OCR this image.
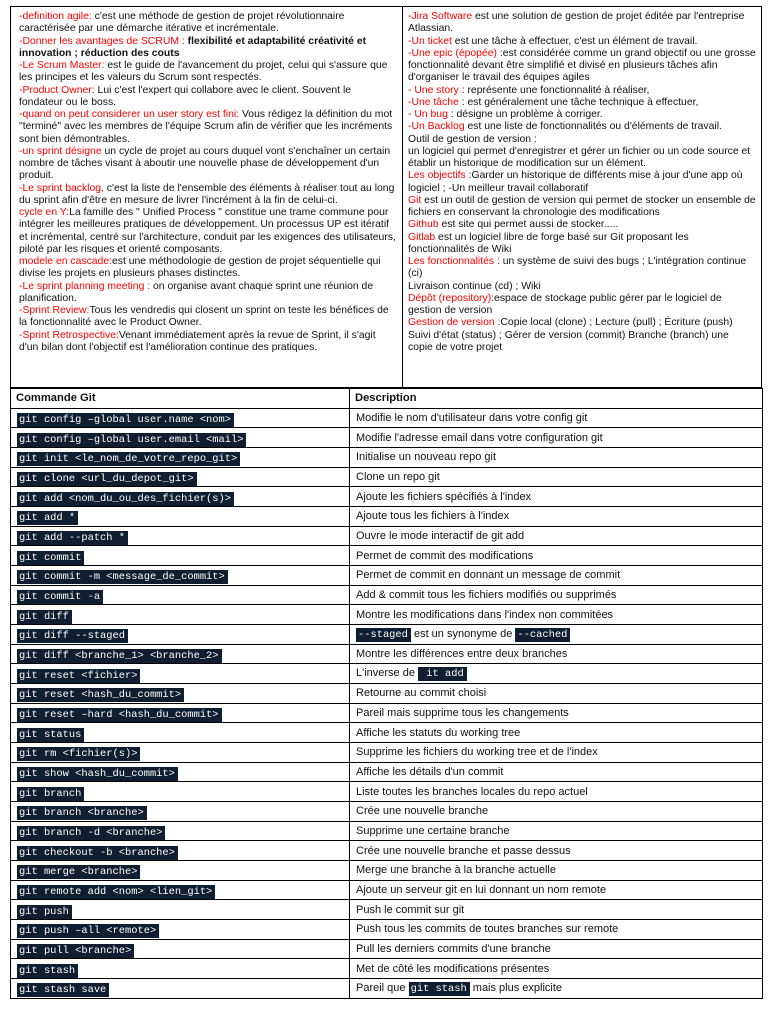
-definition agile: c'est une méthode de gestion de projet révolutionnaire caractérisée par une démarche itérative et incrémentale.

-Donner les avantages de SCRUM : flexibilité et adaptabilité créativité et innovation ; réduction des couts

-Le Scrum Master: est le guide de l'avancement du projet, celui qui s'assure que les principes et les valeurs du Scrum sont respectés.

-Product Owner: Lui c'est l'expert qui collabore avec le client. Souvent le fondateur ou le boss.

-quand on peut considerer un user story est fini: Vous rédigez la définition du mot "terminé" avec les membres de l'équipe Scrum afin de vérifier que les incréments sont bien démontrables.

-un sprint désigne un cycle de projet au cours duquel vont s'enchaîner un certain nombre de tâches visant à aboutir une nouvelle phase de développement d'un produit.

-Le sprint backlog, c'est la liste de l'ensemble des éléments à réaliser tout au long du sprint afin d'être en mesure de livrer l'incrément à la fin de celui-ci.

cycle en Y:La famille des " Unified Process " constitue une trame commune pour intégrer les meilleures pratiques de développement. Un processus UP est itératif et incrémental, centré sur l'architecture, conduit par les exigences des utilisateurs, piloté par les risques et orienté composants.

modele en cascade:est une méthodologie de gestion de projet séquentielle qui divise les projets en plusieurs phases distinctes.

-Le sprint planning meeting : on organise avant chaque sprint une réunion de planification.

-Sprint Review:Tous les vendredis qui closent un sprint on teste les bénéfices de la fonctionnalité avec le Product Owner.

-Sprint Retrospective:Venant immédiatement après la revue de Sprint, il s'agit d'un bilan dont l'objectif est l'amélioration continue des pratiques.

-Jira Software est une solution de gestion de projet éditée par l'entreprise Atlassian.

-Un ticket est une tâche à effectuer, c'est un élément de travail.

-Une epic (épopée) :est considérée comme un grand objectif ou une grosse fonctionnalité devant être simplifié et divisé en plusieurs tâches afin d'organiser le travail des équipes agiles

- Une story : représente une fonctionnalité à réaliser,

-Une tâche : est généralement une tâche technique à effectuer,

- Un bug : désigne un problème à corriger.

-Un Backlog est une liste de fonctionnalités ou d'éléments de travail.

Outil de gestion de version :

un logiciel qui permet d'enregistrer et gérer un fichier ou un code source et établir un historique de modification sur un élément.

Les objectifs :Garder un historique de différents mise à jour d'une app où logiciel ; -Un meilleur travail collaboratif

Git est un outil de gestion de version qui permet de stocker un ensemble de fichiers en conservant la chronologie des modifications

Github est site qui permet aussi de stocker.....

Gitlab est un logiciel libre de forge basé sur Git proposant les fonctionnalités de Wiki

Les fonctionnalités : un système de suivi des bugs ; L'intégration continue (ci)

Livraison continue (cd) ; Wiki

Dépôt (repository):espace de stockage public gérer par le logiciel de gestion de version

Gestion de version :Copie local (clone) ; Lecture (pull) ; Écriture (push) Suivi d'état (status) ; Gérer de version (commit) Branche (branch) une copie de votre projet

Commande Git	Description
git config –global user.name <nom>	Modifie le nom d'utilisateur dans votre config git
git config –global user.email <mail>	Modifie l'adresse email dans votre configuration git
git init <le_nom_de_votre_repo_git>	Initialise un nouveau repo git
git clone <url_du_depot_git>	Clone un repo git
git add <nom_du_ou_des_fichier(s)>	Ajoute les fichiers spécifiés à l'index
git add *	Ajoute tous les fichiers à l'index
git add --patch *	Ouvre le mode interactif de git add
git commit	Permet de commit des modifications
git commit -m <message_de_commit>	Permet de commit en donnant un message de commit
git commit -a	Add & commit tous les fichiers modifiés ou supprimés
git diff	Montre les modifications dans l'index non commitées
git diff --staged	--staged est un synonyme de --cached
git diff <branche_1> <branche_2>	Montre les différences entre deux branches
git reset <fichier>	L'inverse de  it add
git reset <hash_du_commit>	Retourne au commit choisi
git reset –hard <hash_du_commit>	Pareil mais supprime tous les changements
git status	Affiche les statuts du working tree
git rm <fichier(s)>	Supprime les fichiers du working tree et de l'index
git show <hash_du_commit>	Affiche les détails d'un commit
git branch	Liste toutes les branches locales du repo actuel
git branch <branche>	Crée une nouvelle branche
git branch -d <branche>	Supprime une certaine branche
git checkout -b <branche>	Crée une nouvelle branche et passe dessus
git merge <branche>	Merge une branche à la branche actuelle
git remote add <nom> <lien_git>	Ajoute un serveur git en lui donnant un nom remote
git push	Push le commit sur git
git push –all <remote>	Push tous les commits de toutes branches sur remote
git pull <branche>	Pull les derniers commits d'une branche
git stash	Met de côté les modifications présentes
git stash save	Pareil que git stash mais plus explicite
